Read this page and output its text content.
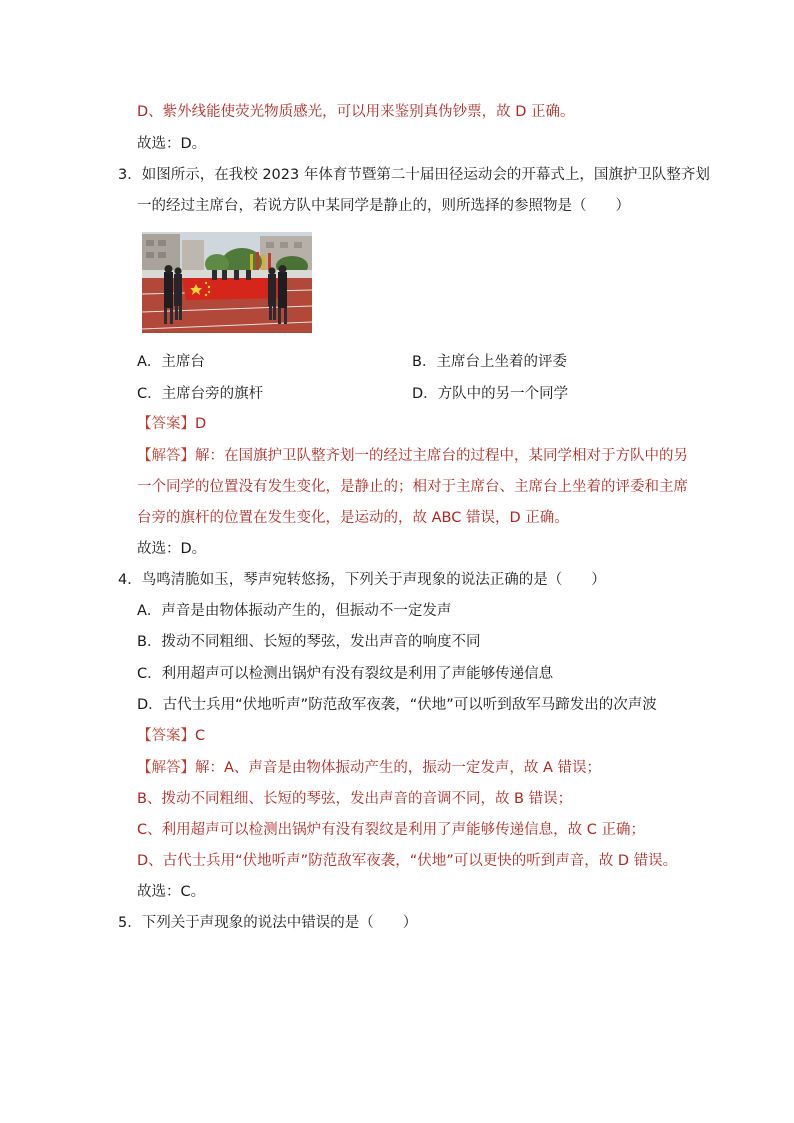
D、紫外线能使荧光物质感光，可以用来鉴别真伪钞票，故 D 正确。
故选：D。
3．如图所示，在我校 2023 年体育节暨第二十届田径运动会的开幕式上，国旗护卫队整齐划
一的经过主席台，若说方队中某同学是静止的，则所选择的参照物是（　　）
A．主席台	B．主席台上坐着的评委
C．主席台旁的旗杆	D．方队中的另一个同学
【答案】D
【解答】解：在国旗护卫队整齐划一的经过主席台的过程中，某同学相对于方队中的另
一个同学的位置没有发生变化，是静止的；相对于主席台、主席台上坐着的评委和主席
台旁的旗杆的位置在发生变化，是运动的，故 ABC 错误，D 正确。
故选：D。
4．鸟鸣清脆如玉，琴声宛转悠扬，下列关于声现象的说法正确的是（　　）
A．声音是由物体振动产生的，但振动不一定发声
B．拨动不同粗细、长短的琴弦，发出声音的响度不同
C．利用超声可以检测出锅炉有没有裂纹是利用了声能够传递信息
D．古代士兵用“伏地听声”防范敌军夜袭，“伏地”可以听到敌军马蹄发出的次声波
【答案】C
【解答】解：A、声音是由物体振动产生的，振动一定发声，故 A 错误；
B、拨动不同粗细、长短的琴弦，发出声音的音调不同，故 B 错误；
C、利用超声可以检测出锅炉有没有裂纹是利用了声能够传递信息，故 C 正确；
D、古代士兵用“伏地听声”防范敌军夜袭，“伏地”可以更快的听到声音，故 D 错误。
故选：C。
5．下列关于声现象的说法中错误的是（　　）
